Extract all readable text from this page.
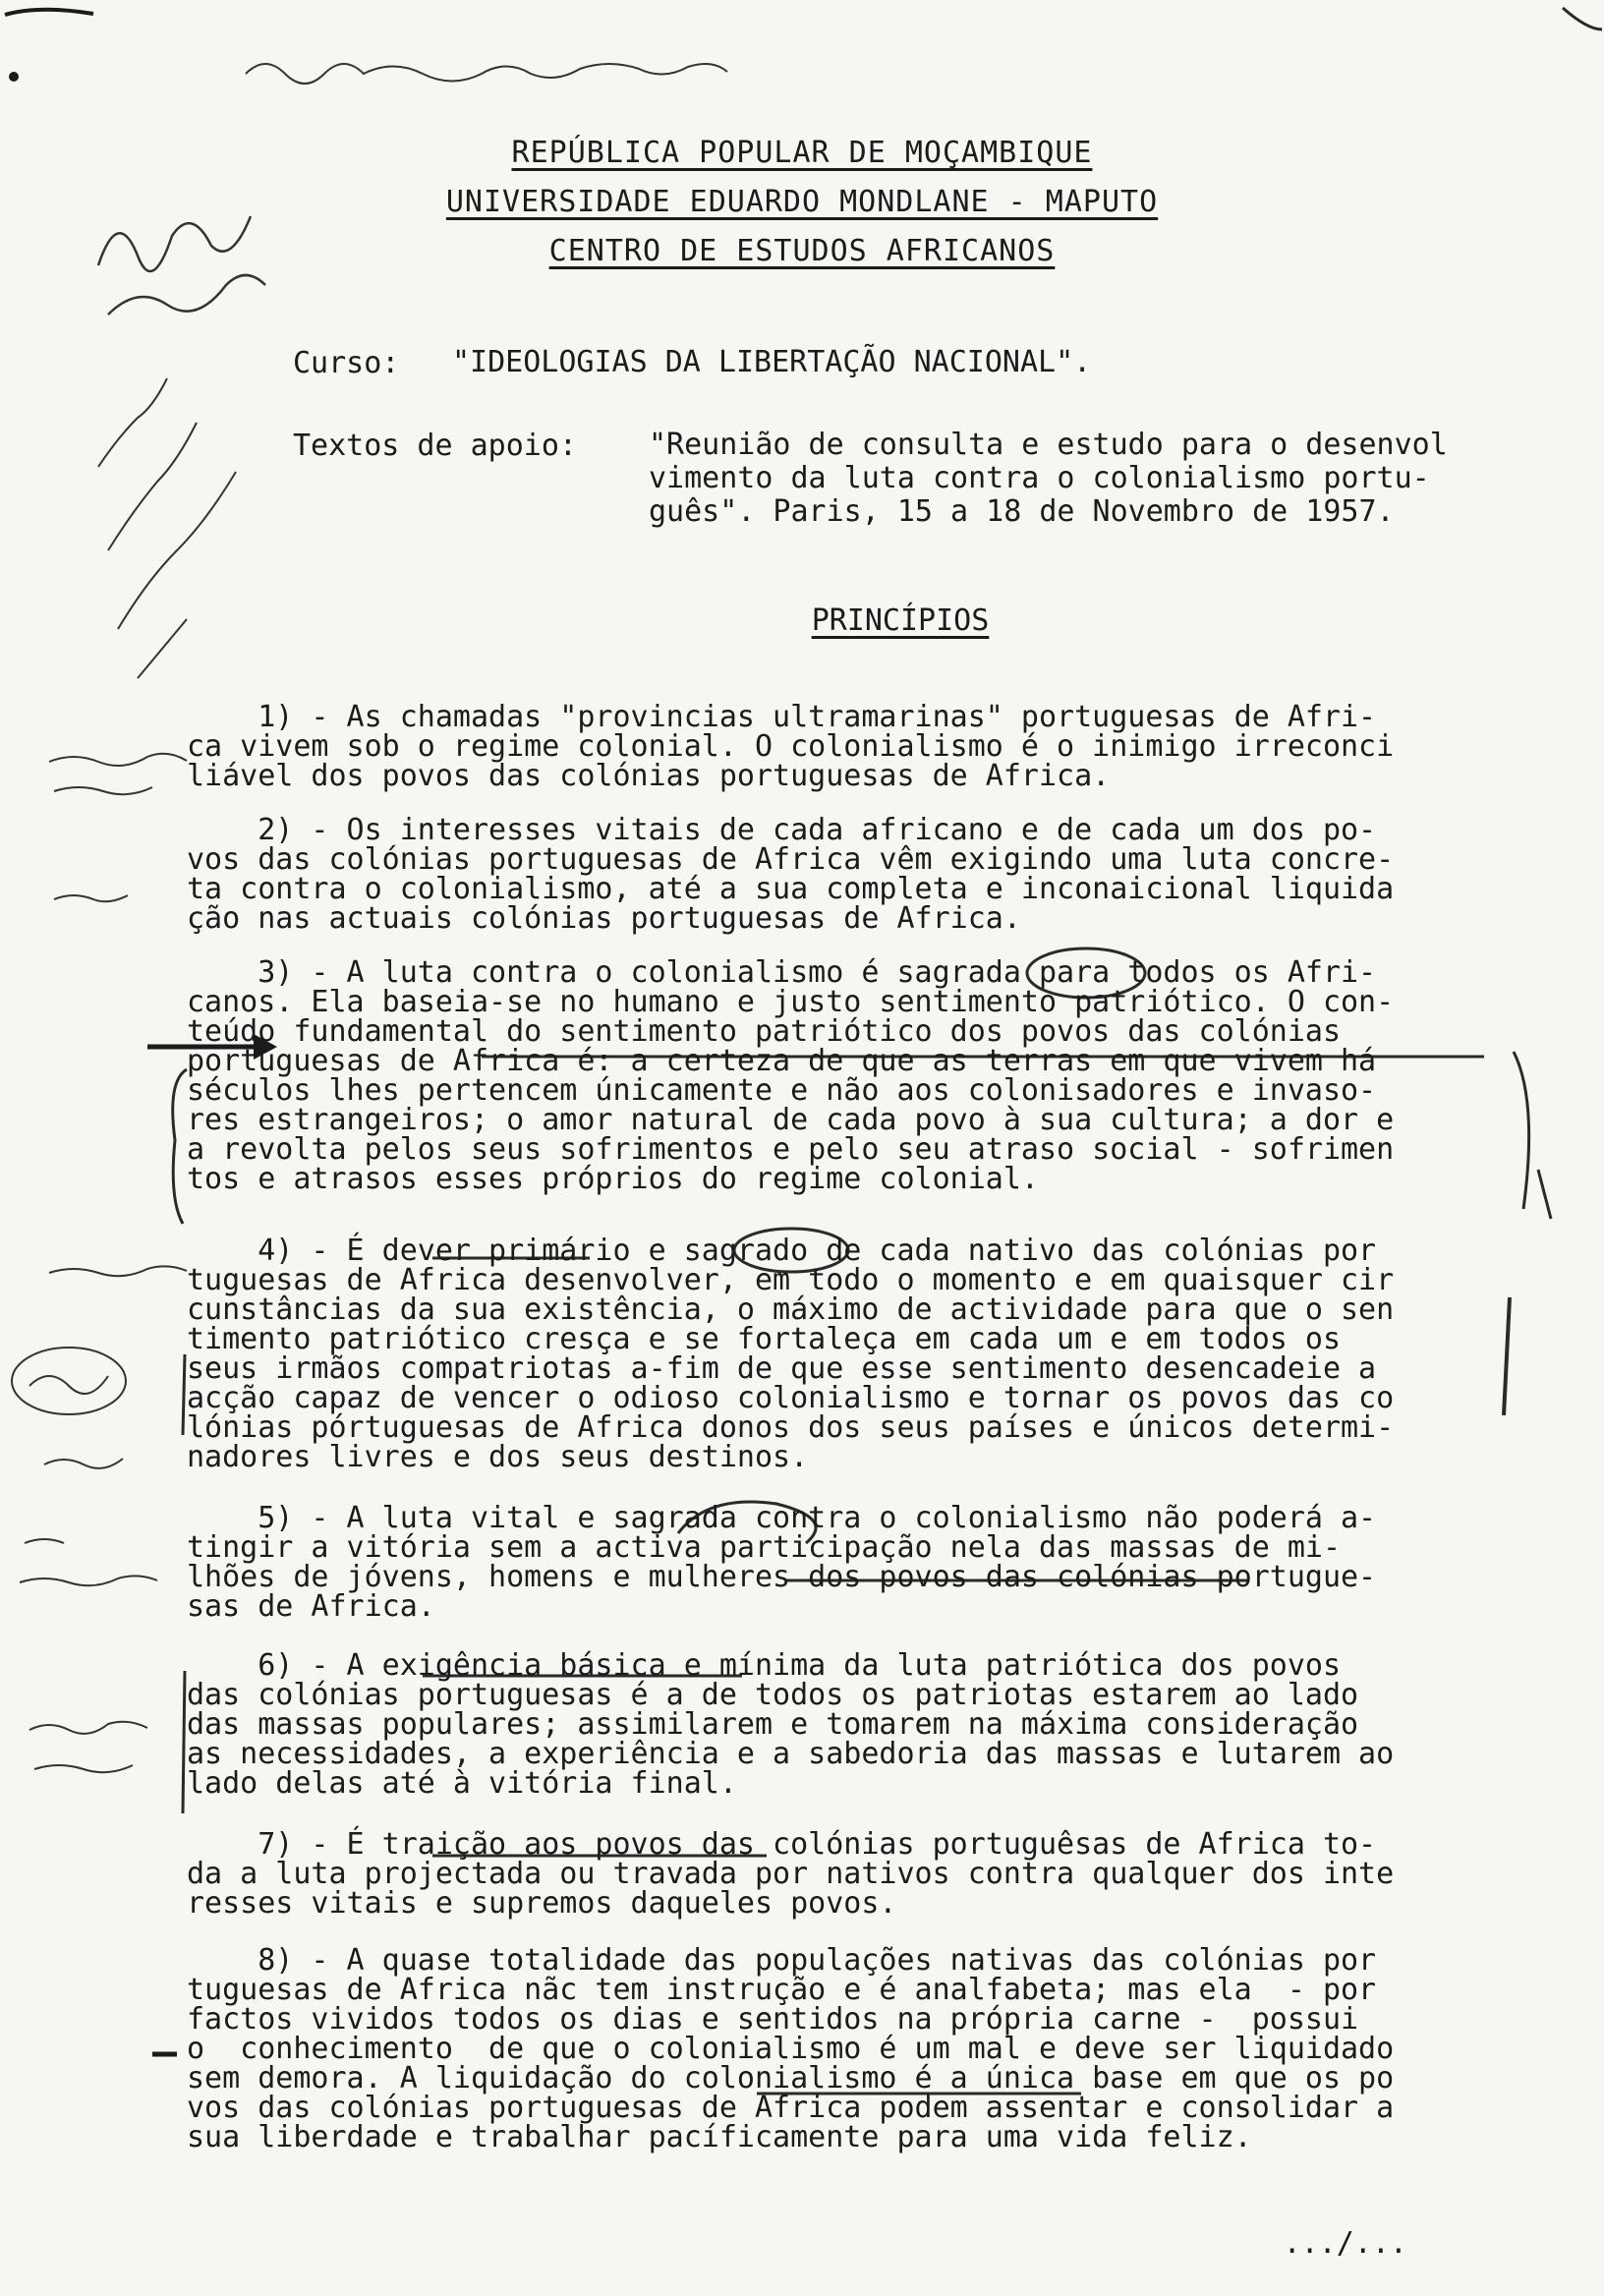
REPÚBLICA POPULAR DE MOÇAMBIQUE
UNIVERSIDADE EDUARDO MONDLANE - MAPUTO
CENTRO DE ESTUDOS AFRICANOS
Curso: "IDEOLOGIAS DA LIBERTAÇÃO NACIONAL".
Textos de apoio: "Reunião de consulta e estudo para o desenvol
vimento da luta contra o colonialismo portu-
guês". Paris, 15 a 18 de Novembro de 1957.
PRINCÍPIOS
1) - As chamadas "provincias ultramarinas" portuguesas de Afri-
ca vivem sob o regime colonial. O colonialismo é o inimigo irreconci
liável dos povos das colónias portuguesas de Africa.
2) - Os interesses vitais de cada africano e de cada um dos po-
vos das colónias portuguesas de Africa vêm exigindo uma luta concre-
ta contra o colonialismo, até a sua completa e inconaicional liquida
ção nas actuais colónias portuguesas de Africa.
3) - A luta contra o colonialismo é sagrada para todos os Afri-
canos. Ela baseia-se no humano e justo sentimento patriótico. O con-
teúdo fundamental do sentimento patriótico dos povos das colónias
portuguesas de Africa é: a certeza de que as terras em que vivem há
séculos lhes pertencem únicamente e não aos colonisadores e invaso-
res estrangeiros; o amor natural de cada povo à sua cultura; a dor e
a revolta pelos seus sofrimentos e pelo seu atraso social - sofrimen
tos e atrasos esses próprios do regime colonial.
4) - É dever primário e sagrado de cada nativo das colónias por
tuguesas de Africa desenvolver, em todo o momento e em quaisquer cir
cunstâncias da sua existência, o máximo de actividade para que o sen
timento patriótico cresça e se fortaleça em cada um e em todos os
seus irmãos compatriotas a-fim de que esse sentimento desencadeie a
acção capaz de vencer o odioso colonialismo e tornar os povos das co
lónias pórtuguesas de Africa donos dos seus países e únicos determi-
nadores livres e dos seus destinos.
5) - A luta vital e sagrada contra o colonialismo não poderá a-
tingir a vitória sem a activa participação nela das massas de mi-
lhões de jóvens, homens e mulheres dos povos das colónias portugue-
sas de Africa.
6) - A exigência básica e mínima da luta patriótica dos povos
das colónias portuguesas é a de todos os patriotas estarem ao lado
das massas populares; assimilarem e tomarem na máxima consideração
as necessidades, a experiência e a sabedoria das massas e lutarem ao
lado delas até à vitória final.
7) - É traição aos povos das colónias portuguêsas de Africa to-
da a luta projectada ou travada por nativos contra qualquer dos inte
resses vitais e supremos daqueles povos.
8) - A quase totalidade das populações nativas das colónias por
tuguesas de Africa nãc tem instrução e é analfabeta; mas ela  - por
factos vividos todos os dias e sentidos na própria carne -  possui
o  conhecimento  de que o colonialismo é um mal e deve ser liquidado
sem demora. A liquidação do colonialismo é a única base em que os po
vos das colónias portuguesas de Africa podem assentar e consolidar a
sua liberdade e trabalhar pacíficamente para uma vida feliz.
.../...
